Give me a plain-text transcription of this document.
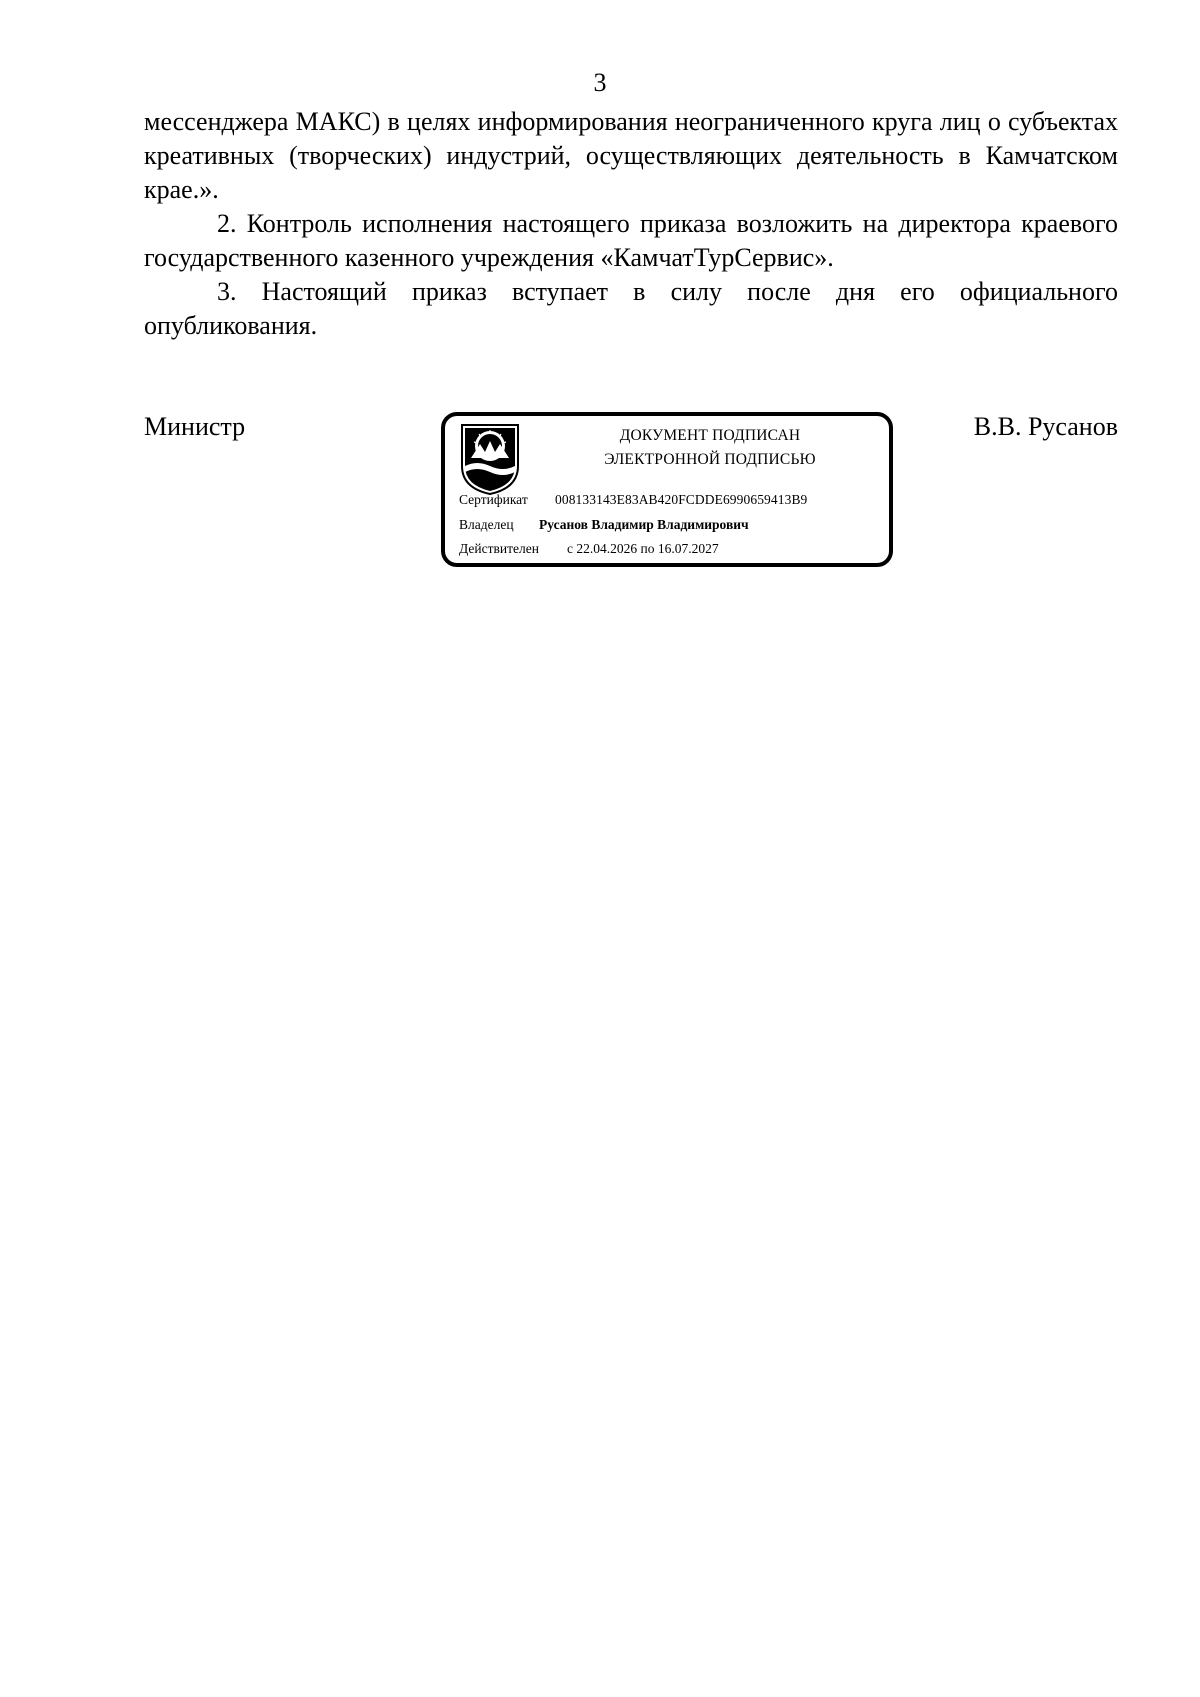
3

мессенджера МАКС) в целях информирования неограниченного круга лиц о субъектах креативных (творческих) индустрий, осуществляющих деятельность в Камчатском крае.».

2. Контроль исполнения настоящего приказа возложить на директора краевого государственного казенного учреждения «КамчатТурСервис».

3. Настоящий приказ вступает в силу после дня его официального опубликования.

Министр	ДОКУМЕНТ ПОДПИСАН
ЭЛЕКТРОННОЙ ПОДПИСЬЮ
Сертификат 008133143E83AB420FCDDE6990659413B9
Владелец Русанов Владимир Владимирович
Действителен с 22.04.2026 по 16.07.2027
В.В. Русанов
